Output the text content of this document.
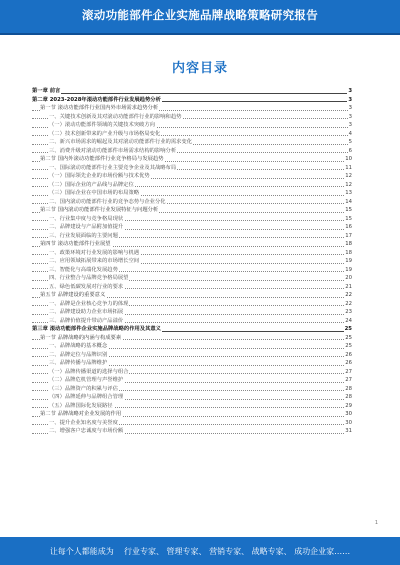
滚动功能部件企业实施品牌战略策略研究报告
内容目录
第一章 前言	3
第二章 2023-2028年滚动功能部件行业发展趋势分析	3
第一节 滚动功能部件行业国内外市场需求趋势分析	3
一、关键技术创新及其对滚动功能部件行业的影响和趋势	3
（一）滚动功能部件领域的关键技术突破方向	3
（二）技术创新带来的产业升级与市场格局变化	4
二、新兴市场需求的崛起及其对滚动功能部件行业的需求变化	5
三、消费升级对滚动功能部件市场需求结构的影响分析	6
第二节 国内外滚动功能部件行业竞争格局与发展趋势	10
一、国际滚动功能部件行业主要竞争企业及其战略布局	11
（一）国际领先企业的市场份额与技术优势	12
（二）国际企业的产品线与品牌定位	12
（三）国际企业在中国市场的布局策略	13
二、国内滚动功能部件行业的竞争态势与企业分化	14
第三节 国内滚动功能部件行业发展特征与问题分析	15
一、行业集中度与竞争格局现状	15
二、品牌建设与产品附加值提升	16
三、行业发展面临的主要问题	17
第四节 滚动功能部件行业展望	18
一、政策环境对行业发展的影响与机遇	18
二、应用领域拓展带来的市场增长空间	19
三、智能化与高端化发展趋势	19
四、行业整合与品牌竞争格局展望	20
五、绿色低碳发展对行业的要求	21
第五节 品牌建设的重要意义	22
一、品牌是企业核心竞争力的体现	22
二、品牌建设助力企业市场拓展	23
三、品牌价值提升带动产品溢价	24
第三章 滚动功能部件企业实施品牌战略的作用及其意义	25
第一节 品牌战略的内涵与构成要素	25
一、品牌战略的基本概念	25
二、品牌定位与品牌识别	26
三、品牌传播与品牌维护	26
（一）品牌传播渠道的选择与组合	27
（二）品牌危机管理与声誉维护	27
（三）品牌资产的积累与评估	28
（四）品牌延伸与品牌组合管理	28
（五）品牌国际化发展路径	29
第二节 品牌战略对企业发展的作用	30
一、提升企业知名度与美誉度	30
二、增强客户忠诚度与市场份额	31
1
让每个人都能成为 行业专家、 管理专家、 营销专家、 战略专家、 成功企业家……
